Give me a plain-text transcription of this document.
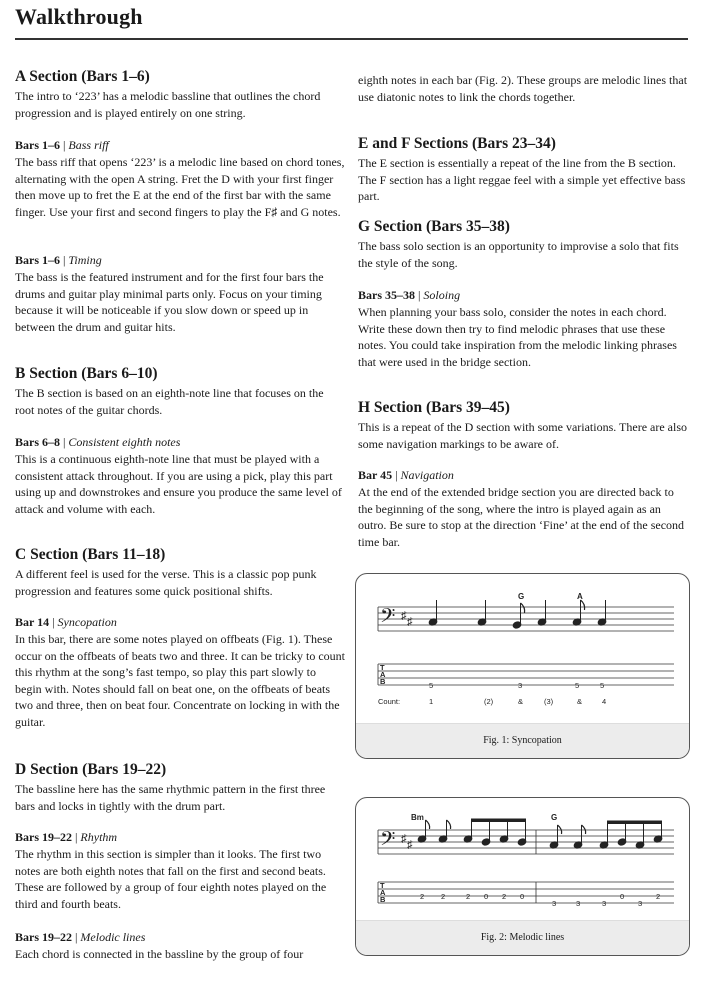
Walkthrough
A Section (Bars 1–6)

The intro to ‘223’ has a melodic bassline that outlines the chord progression and is played entirely on one string.

Bars 1–6 | Bass riff

The bass riff that opens ‘223’ is a melodic line based on chord tones, alternating with the open A string. Fret the D with your first finger then move up to fret the E at the end of the first bar with the same finger. Use your first and second fingers to play the F♯ and G notes.

Bars 1–6 | Timing

The bass is the featured instrument and for the first four bars the drums and guitar play minimal parts only. Focus on your timing because it will be noticeable if you slow down or speed up in between the drum and guitar hits.

B Section (Bars 6–10)

The B section is based on an eighth-note line that focuses on the root notes of the guitar chords.

Bars 6–8 | Consistent eighth notes

This is a continuous eighth-note line that must be played with a consistent attack throughout. If you are using a pick, play this part using up and downstrokes and ensure you produce the same level of attack and volume with each.

C Section (Bars 11–18)

A different feel is used for the verse. This is a classic pop punk progression and features some quick positional shifts.

Bar 14 | Syncopation

In this bar, there are some notes played on offbeats (Fig. 1). These occur on the offbeats of beats two and three. It can be tricky to count this rhythm at the song’s fast tempo, so play this part slowly to begin with. Notes should fall on beat one, on the offbeats of beats two and three, then on beat four. Concentrate on locking in with the guitar.

D Section (Bars 19–22)

The bassline here has the same rhythmic pattern in the first three bars and locks in tightly with the drum part.

Bars 19–22 | Rhythm

The rhythm in this section is simpler than it looks. The first two notes are both eighth notes that fall on the first and second beats. These are followed by a group of four eighth notes played on the third and fourth beats.

Bars 19–22 | Melodic lines

Each chord is connected in the bassline by the group of four

eighth notes in each bar (Fig. 2). These groups are melodic lines that use diatonic notes to link the chords together.

E and F Sections (Bars 23–34)

The E section is essentially a repeat of the line from the B section. The F section has a light reggae feel with a simple yet effective bass part.

G Section (Bars 35–38)

The bass solo section is an opportunity to improvise a solo that fits the style of the song.

Bars 35–38 | Soloing

When planning your bass solo, consider the notes in each chord. Write these down then try to find melodic phrases that use these notes. You could take inspiration from the melodic linking phrases that were used in the bridge section.

H Section (Bars 39–45)

This is a repeat of the D section with some variations. There are also some navigation markings to be aware of.

Bar 45 | Navigation

At the end of the extended bridge section you are directed back to the beginning of the song, where the intro is played again as an outro. Be sure to stop at the direction ‘Fine’ at the end of the second time bar.

G	A
𝄢 ♯ ♯
T
A
B	5	3	5	5
Count:	1	(2)	&	(3)	&	4
Fig. 1: Syncopation
Bm	G
𝄢 ♯ ♯
T
A
B	2 2	2 0 2 0
3	3	3	3
0	2
Fig. 2: Melodic lines
